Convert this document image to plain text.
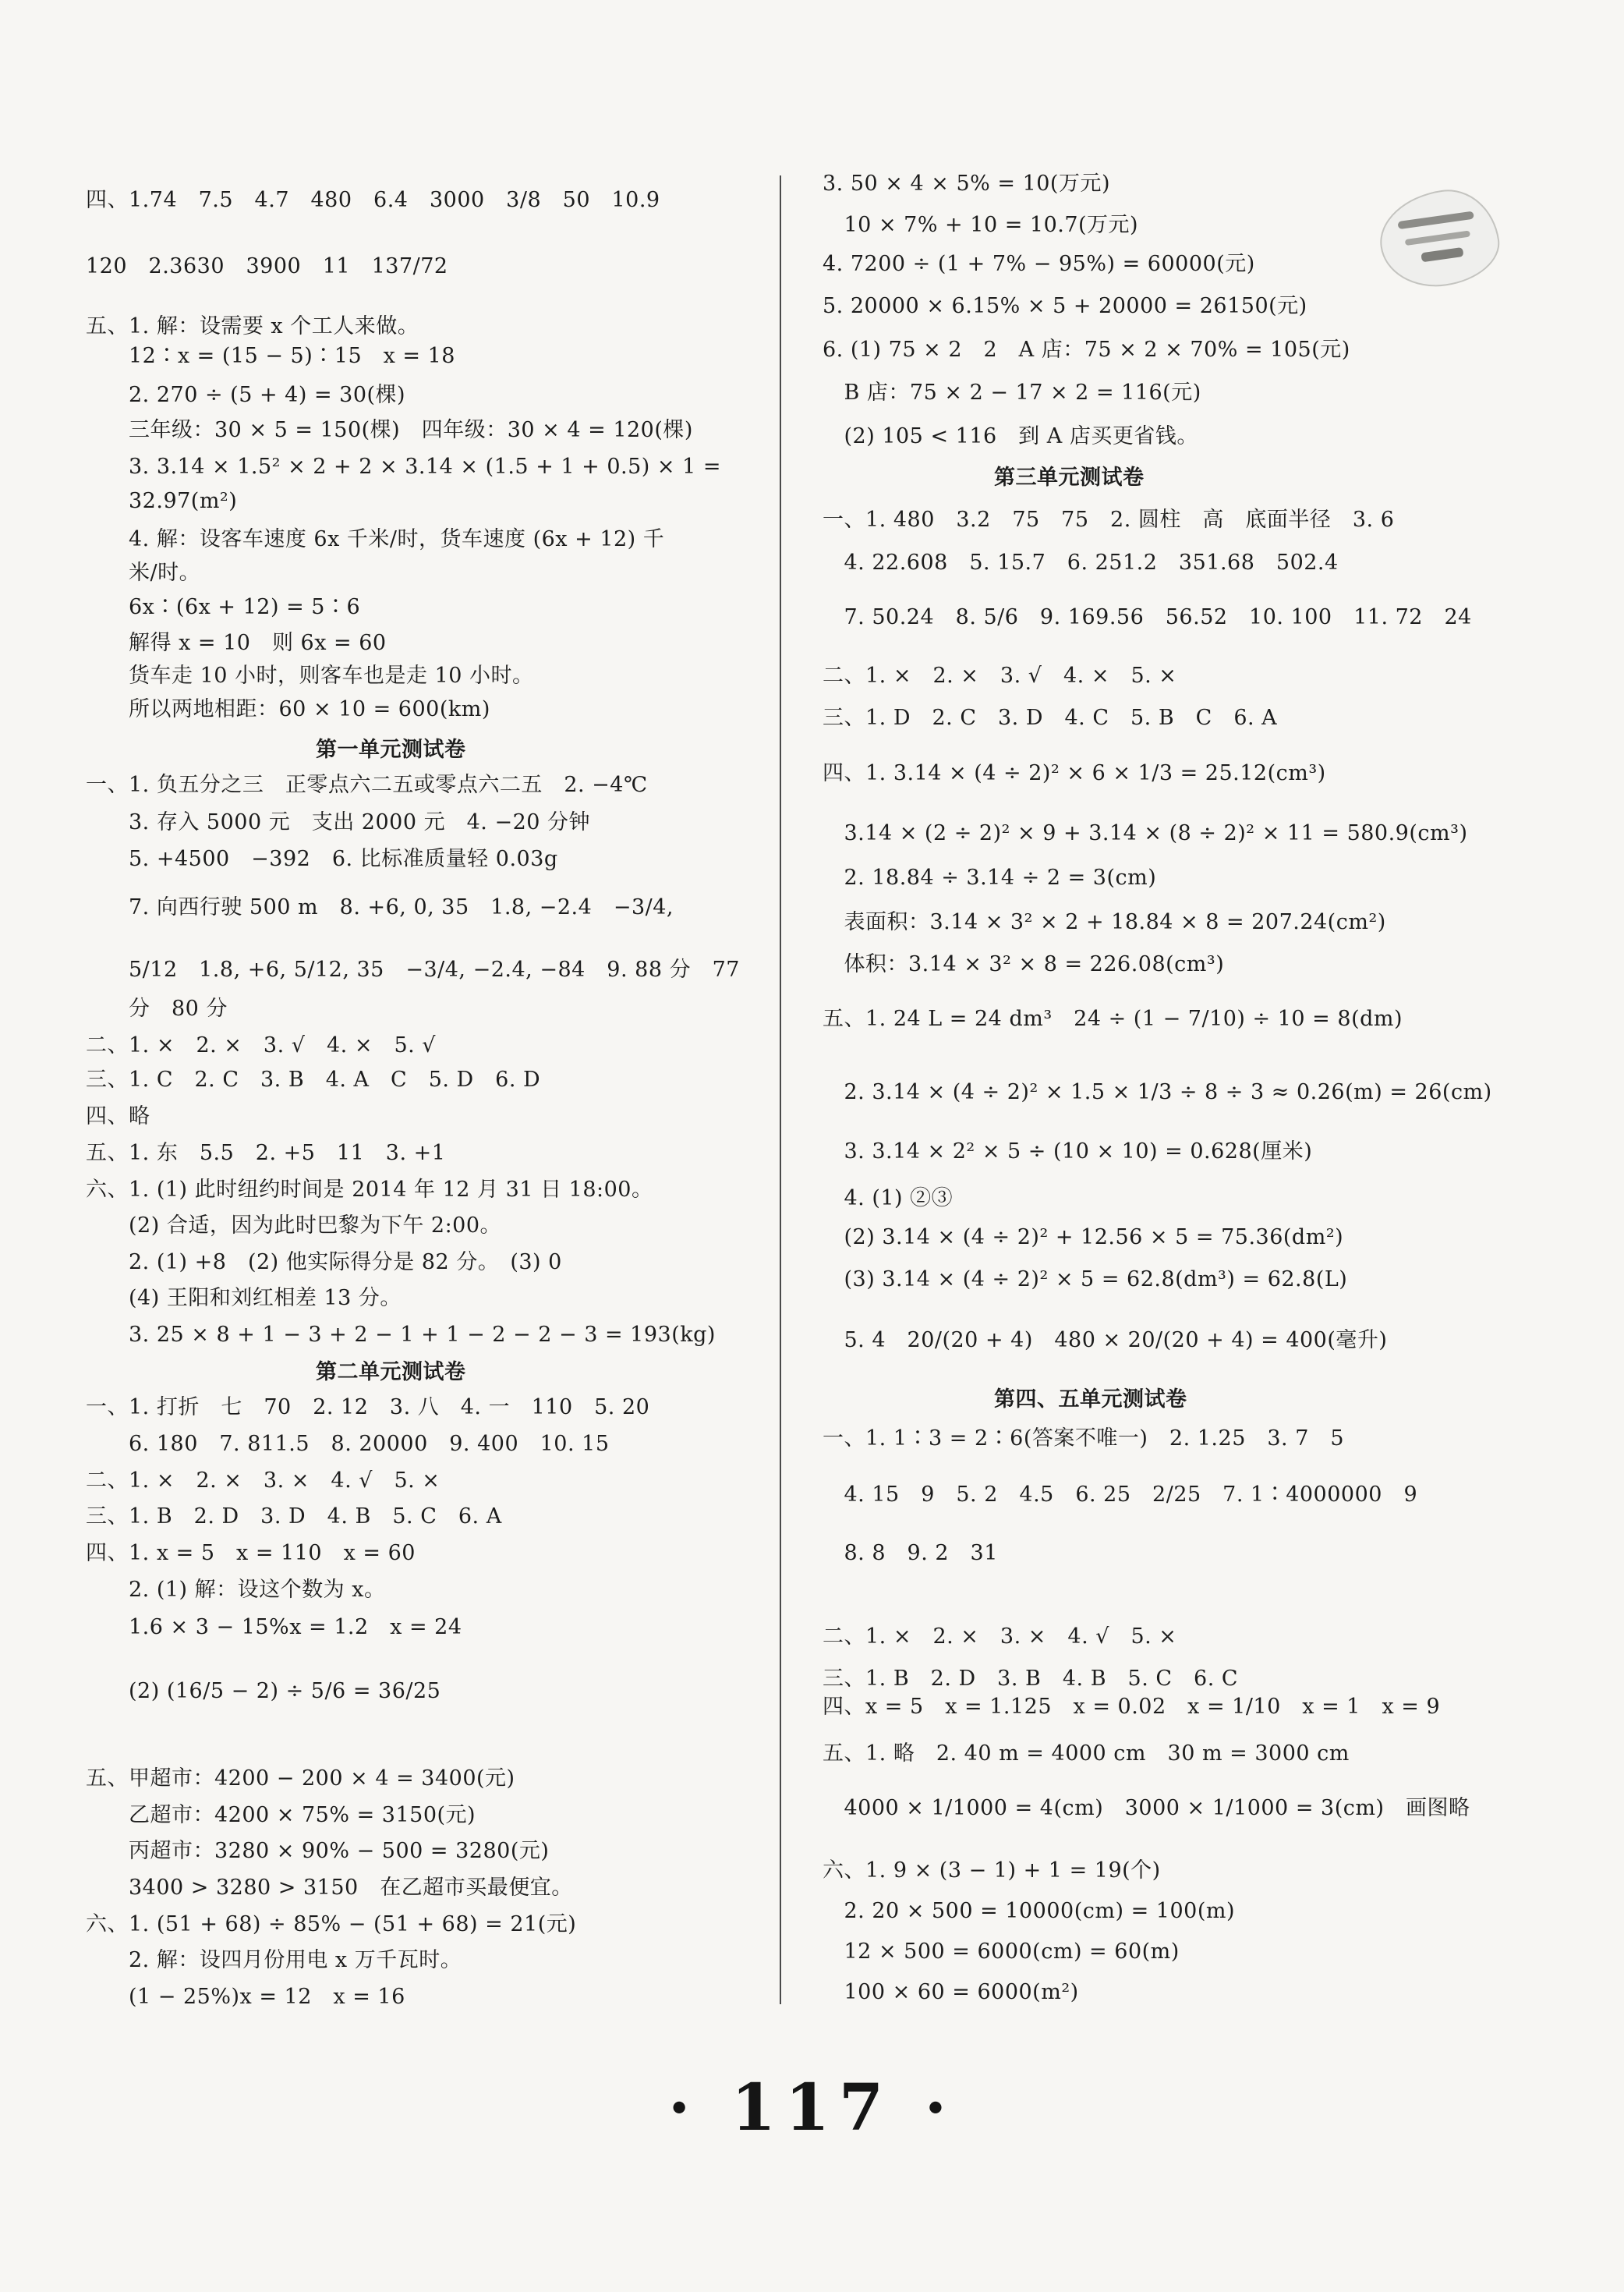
四、1.74　7.5　4.7　480　6.4　3000　3/8　50　10.9
120　2.3630　3900　11　137/72
五、1. 解：设需要 x 个工人来做。
　　12∶x = (15 − 5)∶15　x = 18
　　2. 270 ÷ (5 + 4) = 30(棵)
　　三年级：30 × 5 = 150(棵)　四年级：30 × 4 = 120(棵)
　　3. 3.14 × 1.5² × 2 + 2 × 3.14 × (1.5 + 1 + 0.5) × 1 =
　　32.97(m²)
　　4. 解：设客车速度 6x 千米/时，货车速度 (6x + 12) 千
　　米/时。
　　6x∶(6x + 12) = 5∶6
　　解得 x = 10　则 6x = 60
　　货车走 10 小时，则客车也是走 10 小时。
　　所以两地相距：60 × 10 = 600(km)
第一单元测试卷
一、1. 负五分之三　正零点六二五或零点六二五　2. −4℃
　　3. 存入 5000 元　支出 2000 元　4. −20 分钟
　　5. +4500　−392　6. 比标准质量轻 0.03g
　　7. 向西行驶 500 m　8. +6, 0, 35　1.8, −2.4　−3/4,
　　5/12　1.8, +6, 5/12, 35　−3/4, −2.4, −84　9. 88 分　77
　　分　80 分
二、1. ×　2. ×　3. √　4. ×　5. √
三、1. C　2. C　3. B　4. A　C　5. D　6. D
四、略
五、1. 东　5.5　2. +5　11　3. +1
六、1. (1) 此时纽约时间是 2014 年 12 月 31 日 18:00。
　　(2) 合适，因为此时巴黎为下午 2:00。
　　2. (1) +8　(2) 他实际得分是 82 分。　(3) 0
　　(4) 王阳和刘红相差 13 分。
　　3. 25 × 8 + 1 − 3 + 2 − 1 + 1 − 2 − 2 − 3 = 193(kg)
第二单元测试卷
一、1. 打折　七　70　2. 12　3. 八　4. 一　110　5. 20
　　6. 180　7. 811.5　8. 20000　9. 400　10. 15
二、1. ×　2. ×　3. ×　4. √　5. ×
三、1. B　2. D　3. D　4. B　5. C　6. A
四、1. x = 5　x = 110　x = 60
　　2. (1) 解：设这个数为 x。
　　1.6 × 3 − 15%x = 1.2　x = 24
　　(2) (16/5 − 2) ÷ 5/6 = 36/25
五、甲超市：4200 − 200 × 4 = 3400(元)
　　乙超市：4200 × 75% = 3150(元)
　　丙超市：3280 × 90% − 500 = 3280(元)
　　3400 > 3280 > 3150　在乙超市买最便宜。
六、1. (51 + 68) ÷ 85% − (51 + 68) = 21(元)
　　2. 解：设四月份用电 x 万千瓦时。
　　(1 − 25%)x = 12　x = 16
3. 50 × 4 × 5% = 10(万元)
　10 × 7% + 10 = 10.7(万元)
4. 7200 ÷ (1 + 7% − 95%) = 60000(元)
5. 20000 × 6.15% × 5 + 20000 = 26150(元)
6. (1) 75 × 2　2　A 店：75 × 2 × 70% = 105(元)
　B 店：75 × 2 − 17 × 2 = 116(元)
　(2) 105 < 116　到 A 店买更省钱。
第三单元测试卷
一、1. 480　3.2　75　75　2. 圆柱　高　底面半径　3. 6
　4. 22.608　5. 15.7　6. 251.2　351.68　502.4
　7. 50.24　8. 5/6　9. 169.56　56.52　10. 100　11. 72　24
二、1. ×　2. ×　3. √　4. ×　5. ×
三、1. D　2. C　3. D　4. C　5. B　C　6. A
四、1. 3.14 × (4 ÷ 2)² × 6 × 1/3 = 25.12(cm³)
　3.14 × (2 ÷ 2)² × 9 + 3.14 × (8 ÷ 2)² × 11 = 580.9(cm³)
　2. 18.84 ÷ 3.14 ÷ 2 = 3(cm)
　表面积：3.14 × 3² × 2 + 18.84 × 8 = 207.24(cm²)
　体积：3.14 × 3² × 8 = 226.08(cm³)
五、1. 24 L = 24 dm³　24 ÷ (1 − 7/10) ÷ 10 = 8(dm)
　2. 3.14 × (4 ÷ 2)² × 1.5 × 1/3 ÷ 8 ÷ 3 ≈ 0.26(m) = 26(cm)
　3. 3.14 × 2² × 5 ÷ (10 × 10) = 0.628(厘米)
　4. (1) ②③
　(2) 3.14 × (4 ÷ 2)² + 12.56 × 5 = 75.36(dm²)
　(3) 3.14 × (4 ÷ 2)² × 5 = 62.8(dm³) = 62.8(L)
　5. 4　20/(20 + 4)　480 × 20/(20 + 4) = 400(毫升)
第四、五单元测试卷
一、1. 1∶3 = 2∶6(答案不唯一)　2. 1.25　3. 7　5
　4. 15　9　5. 2　4.5　6. 25　2/25　7. 1∶4000000　9
　8. 8　9. 2　31
二、1. ×　2. ×　3. ×　4. √　5. ×
三、1. B　2. D　3. B　4. B　5. C　6. C
四、x = 5　x = 1.125　x = 0.02　x = 1/10　x = 1　x = 9
五、1. 略　2. 40 m = 4000 cm　30 m = 3000 cm
　4000 × 1/1000 = 4(cm)　3000 × 1/1000 = 3(cm)　画图略
六、1. 9 × (3 − 1) + 1 = 19(个)
　2. 20 × 500 = 10000(cm) = 100(m)
　12 × 500 = 6000(cm) = 60(m)
　100 × 60 = 6000(m²)
· 117 ·
